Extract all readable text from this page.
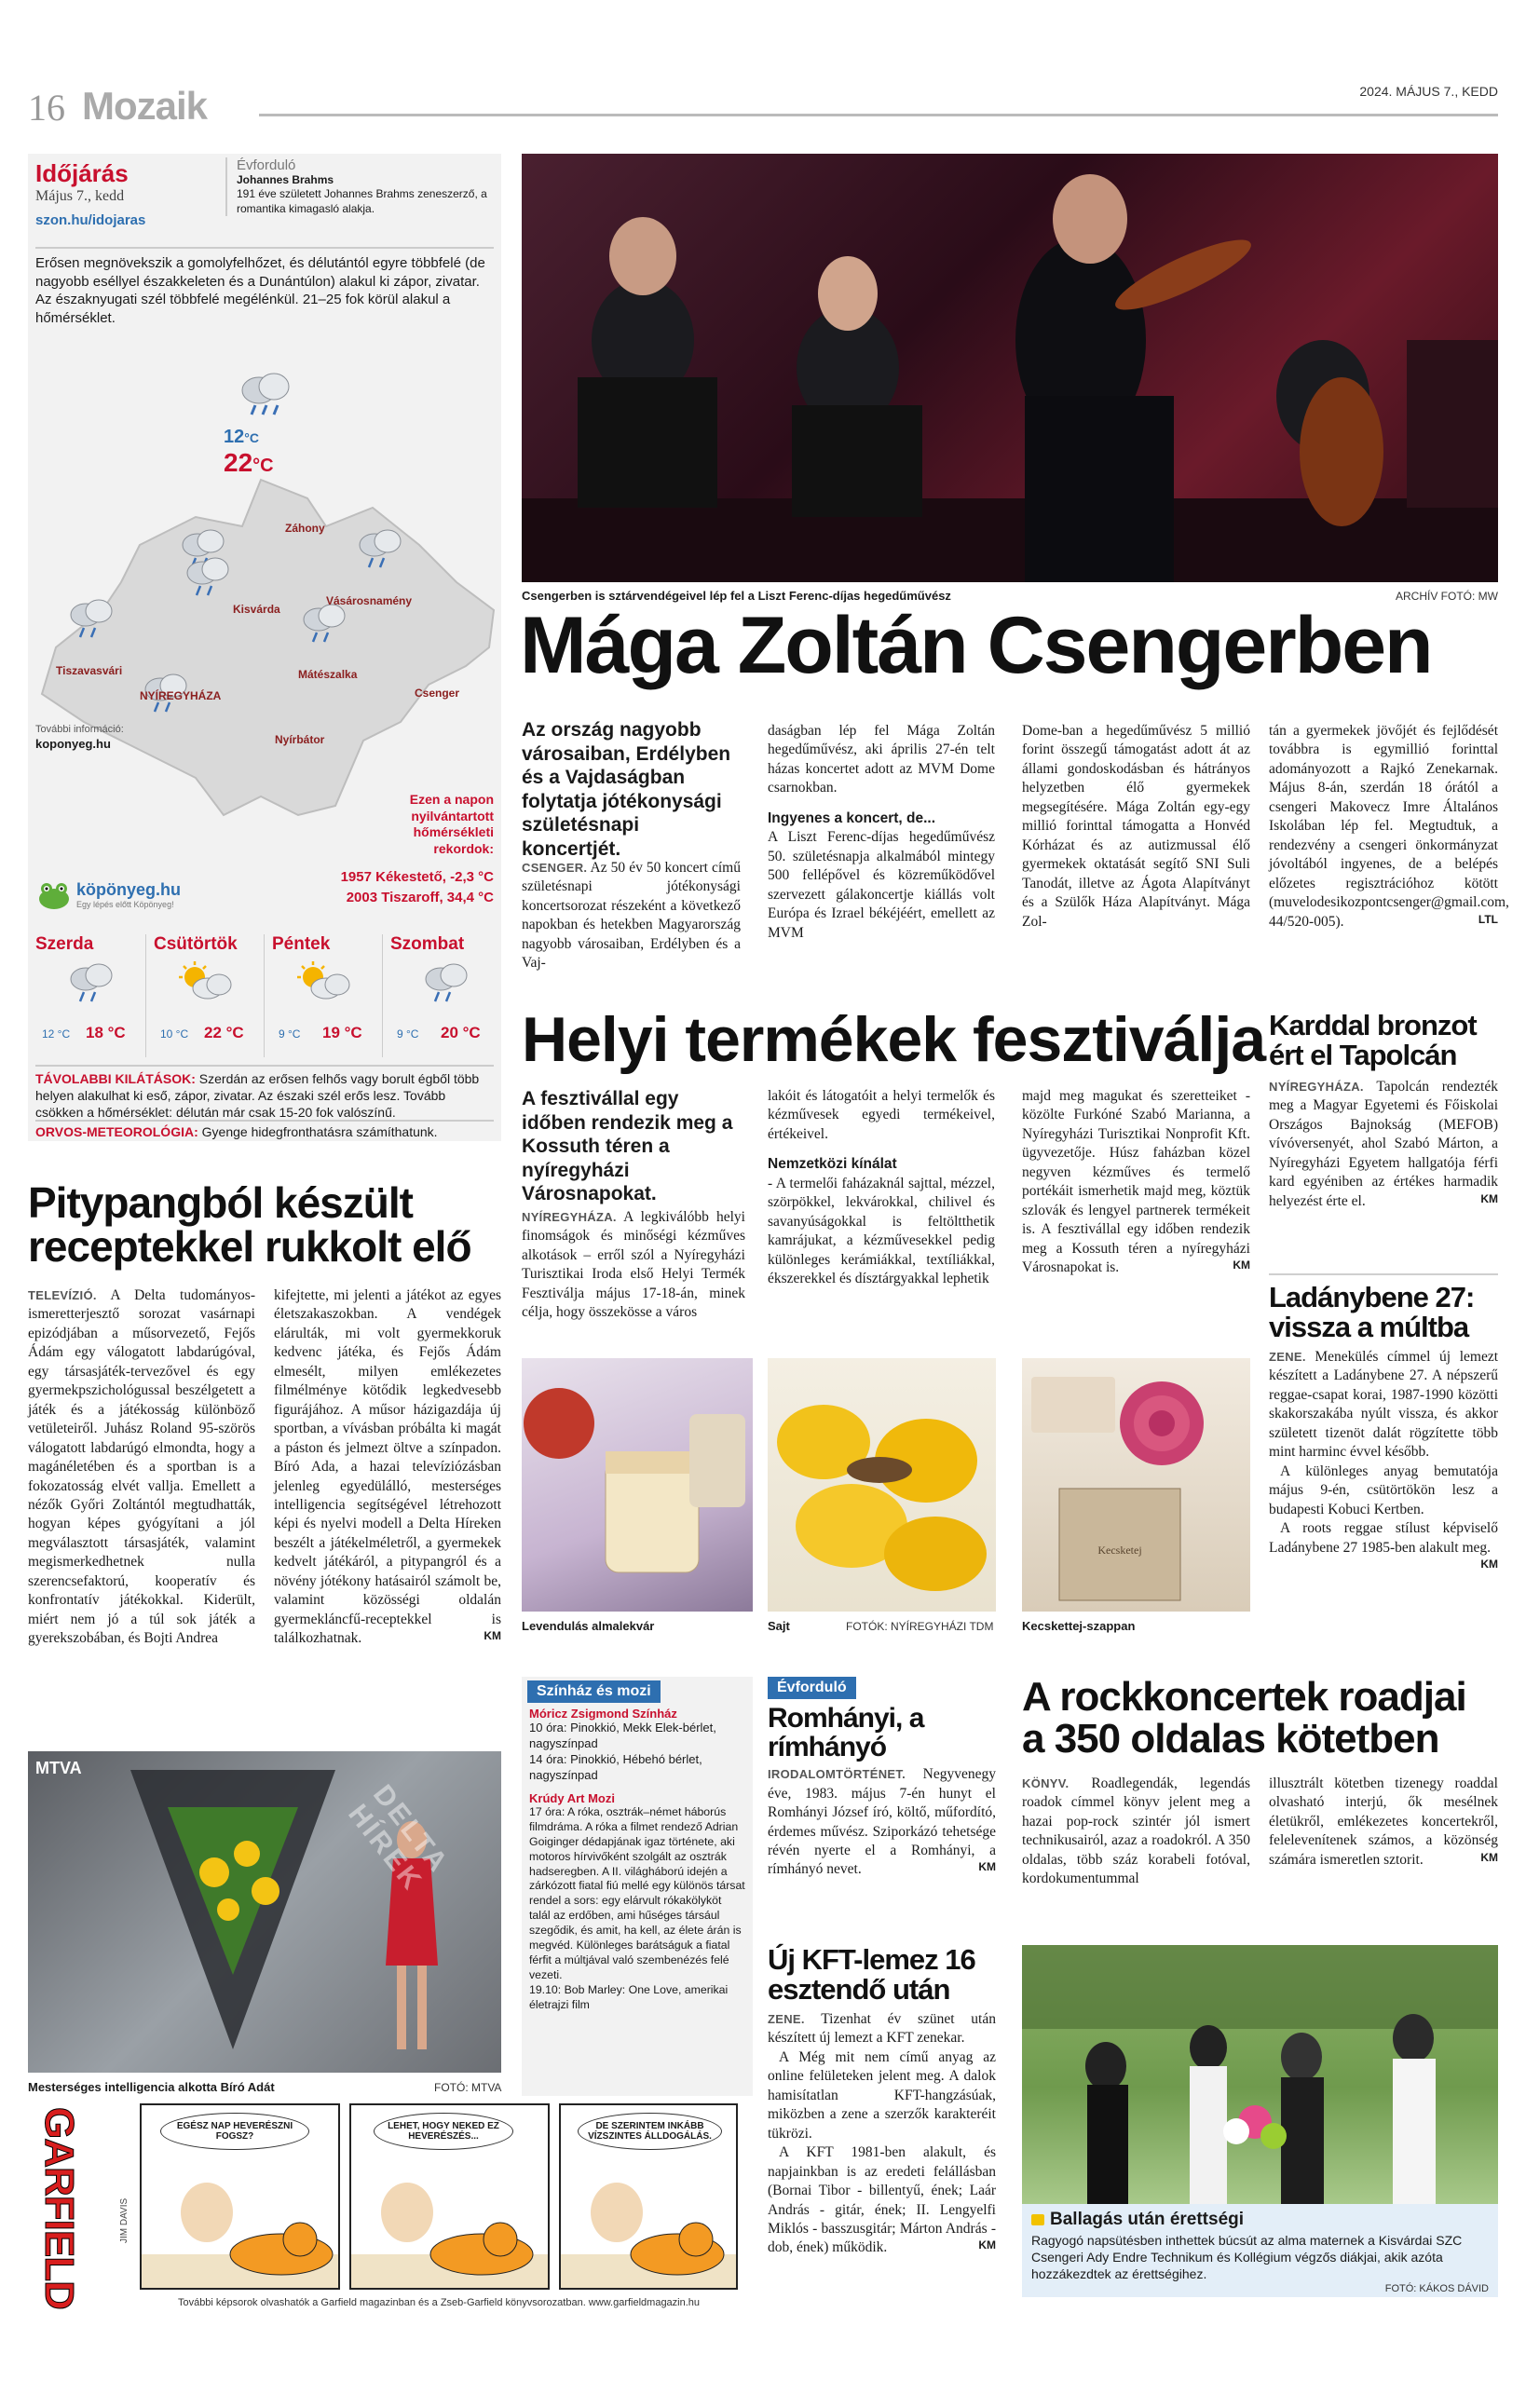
16 Mozaik	2024. MÁJUS 7., KEDD
Időjárás
Május 7., kedd
szon.hu/idojaras
Évforduló
Johannes Brahms
191 éve született Johannes Brahms zeneszerző, a romantika kimagasló alakja.
Erősen megnövekszik a gomolyfelhőzet, és délutántól egyre többfelé (de nagyobb eséllyel északkeleten és a Dunántúlon) alakul ki zápor, zivatar. Az északnyugati szél többfelé megélénkül. 21–25 fok körül alakul a hőmérséklet.
12°C
22°C
Záhony
Kisvárda
Vásárosnamény
Tiszavasvári	Mátészalka
NYÍREGYHÁZA	Csenger
Nyírbátor
További információ:
koponyeg.hu
Ezen a napon nyilvántartott hőmérsékleti rekordok:
1957 Kékestető, -2,3 °C
2003 Tiszaroff, 34,4 °C
köpönyeg.hu
Egy lépés előtt Köpönyeg!
Szerda
12 °C 18 °C
Csütörtök
10 °C 22 °C
Péntek
9 °C 19 °C
Szombat
9 °C 20 °C
TÁVOLABBI KILÁTÁSOK: Szerdán az erősen felhős vagy borult égből több helyen alakulhat ki eső, zápor, zivatar. Az északi szél erős lesz. Tovább csökken a hőmérséklet: délután már csak 15-20 fok valószínű.
ORVOS-METEOROLÓGIA: Gyenge hidegfronthatásra számíthatunk.
Csengerben is sztárvendégeivel lép fel a Liszt Ferenc-díjas hegedűművész	ARCHÍV FOTÓ: MW
Mága Zoltán Csengerben
Az ország nagyobb városaiban, Erdélyben és a Vajdaságban folytatja jótékonysági születésnapi koncertjét.
CSENGER. Az 50 év 50 koncert című születésnapi jótékonysági koncertsorozat részeként a következő napokban és hetekben Magyarország nagyobb városaiban, Erdélyben és a Vaj-
daságban lép fel Mága Zoltán hegedűművész, aki április 27-én telt házas koncertet adott az MVM Dome csarnokban.
Ingyenes a koncert, de...
A Liszt Ferenc-díjas hegedűművész 50. születésnapja alkalmából mintegy 500 fellépővel és közreműködővel szervezett gálakoncertje kiállás volt Európa és Izrael békéjéért, emellett az MVM
Dome-ban a hegedűművész 5 millió forint összegű támogatást adott át az állami gondoskodásban és hátrányos helyzetben élő gyermekek megsegítésére. Mága Zoltán egy-egy millió forinttal támogatta a Honvéd Kórházat és az autizmussal élő gyermekek oktatását segítő SNI Suli Tanodát, illetve az Ágota Alapítványt és a Szülők Háza Alapítványt. Mága Zol-
tán a gyermekek jövőjét és fejlődését továbbra is egymillió forinttal adományozott a Rajkó Zenekarnak. Május 8-án, szerdán 18 órától a csengeri Makovecz Imre Általános Iskolában lép fel. Megtudtuk, a rendezvény a csengeri önkormányzat jóvoltából ingyenes, de a belépés előzetes regisztrációhoz kötött (muvelodesikozpontcsenger@gmail.com, 44/520-005).	LTL
Helyi termékek fesztiválja
A fesztivállal egy időben rendezik meg a Kossuth téren a nyíregyházi Városnapokat.
NYÍREGYHÁZA. A legkiválóbb helyi finomságok és minőségi kézműves alkotások – erről szól a Nyíregyházi Turisztikai Iroda első Helyi Termék Fesztiválja május 17-18-án, minek célja, hogy összekösse a város
lakóit és látogatóit a helyi termelők és kézművesek egyedi termékeivel, értékeivel.
Nemzetközi kínálat
- A termelői faházaknál sajttal, mézzel, szörpökkel, lekvárokkal, chilivel és savanyúságokkal is feltöltthetik kamrájukat, a kézművesekkel pedig különleges kerámiákkal, textíliákkal, ékszerekkel és dísztárgyakkal lephetik
majd meg magukat és szeretteiket - közölte Furkóné Szabó Marianna, a Nyíregyházi Turisztikai Nonprofit Kft. ügyvezetője. Húsz faházban közel negyven kézműves és termelő portékáit ismerhetik majd meg, köztük szlovák és lengyel partnerek termékeit is. A fesztivállal egy időben rendezik meg a Kossuth téren a nyíregyházi Városnapokat is.	KM
Levendulás almalekvár	Sajt	FOTÓK: NYÍREGYHÁZI TDM
Kecsketej
Kecskettej-szappan
Karddal bronzot ért el Tapolcán
NYÍREGYHÁZA. Tapolcán rendezték meg a Magyar Egyetemi és Főiskolai Országos Bajnokság (MEFOB) vívóversenyét, ahol Szabó Márton, a Nyíregyházi Egyetem hallgatója férfi kard egyéniben az értékes harmadik helyezést érte el.	KM
Ladánybene 27: vissza a múltba
ZENE. Menekülés címmel új lemezt készített a Ladánybene 27. A népszerű reggae-csapat korai, 1987-1990 közötti skakorszakába nyúlt vissza, és akkor született tizenöt dalát rögzítette több mint harminc évvel később.
A különleges anyag bemutatója május 9-én, csütörtökön lesz a budapesti Kobuci Kertben.
A roots reggae stílust képviselő Ladánybene 27 1985-ben alakult meg.
KM
Pitypangból készült receptekkel rukkolt elő
TELEVÍZIÓ. A Delta tudományos-ismeretterjesztő sorozat vasárnapi epizódjában a műsorvezető, Fejős Ádám egy válogatott labdarúgóval, egy társasjáték-tervezővel és egy gyermekpszichológussal beszélgetett a játék és a játékosság különböző vetületeiről. Juhász Roland 95-szörös válogatott labdarúgó elmondta, hogy a magánéletében és a sportban is a fokozatosság elvét vallja. Emellett a nézők Győri Zoltántól megtudhatták, hogyan képes gyógyítani a jól megválasztott társasjáték, valamint megismerkedhetnek nulla szerencsefaktorú, kooperatív és konfrontatív játékokkal. Kiderült, miért nem jó a túl sok játék a gyerekszobában, és Bojti Andrea
kifejtette, mi jelenti a játékot az egyes életszakaszokban. A vendégek elárulták, mi volt gyermekkoruk kedvenc játéka, és Fejős Ádám elmesélt, milyen emlékezetes filmélménye kötődik legkedvesebb figurájához. A műsor házigazdája új sportban, a vívásban próbálta ki magát a páston és jelmezt öltve a színpadon. Bíró Ada, a hazai televíziózásban jelenleg egyedülálló, mesterséges intelligencia segítségével létrehozott képi és nyelvi modell a Delta Híreken beszélt a játékelméletről, a gyermekek kedvelt játékáról, a pitypangról és a növény jótékony hatásairól számolt be, valamint közösségi oldalán gyermekláncfű-receptekkel is találkozhatnak.	KM
MTVA
DELTA HÍREK
Mesterséges intelligencia alkotta Bíró Adát	FOTÓ: MTVA
Színház és mozi
Móricz Zsigmond Színház
10 óra: Pinokkió, Mekk Elek-bérlet, nagyszínpad
14 óra: Pinokkió, Hébehó bérlet, nagyszínpad
Krúdy Art Mozi
17 óra: A róka, osztrák–német háborús filmdráma. A róka a filmet rendező Adrian Goiginger dédapjának igaz története, aki motoros hírvivőként szolgált az osztrák hadseregben. A II. világháború idején a zárkózott fiatal fiú mellé egy különös társat rendel a sors: egy elárvult rókakölyköt talál az erdőben, ami hűséges társául szegődik, és amit, ha kell, az élete árán is megvéd. Különleges barátságuk a fiatal férfit a múltjával való szembenézés felé vezeti.
19.10: Bob Marley: One Love, amerikai életrajzi film
Évforduló
Romhányi, a rímhányó
IRODALOMTÖRTÉNET. Negyvenegy éve, 1983. május 7-én hunyt el Romhányi József író, költő, műfordító, érdemes művész. Sziporkázó tehetsége révén nyerte el a Romhányi, a rímhányó nevet.	KM
A rockkoncertek roadjai a 350 oldalas kötetben
KÖNYV. Roadlegendák, legendás roadok címmel könyv jelent meg a hazai pop-rock szintér jól ismert technikusairól, azaz a roadokról. A 350 oldalas, több száz korabeli fotóval, kordokumentummal
illusztrált kötetben tizenegy roaddal olvasható interjú, ők mesélnek életükről, emlékezetes koncertekről, felelevenítenek számos, a közönség számára ismeretlen sztorit.	KM
Új KFT-lemez 16 esztendő után
ZENE. Tizenhat év szünet után készített új lemezt a KFT zenekar.
A Még mit nem című anyag az online felületeken jelent meg. A dalok hamisítatlan KFT-hangzásúak, miközben a zene a szerzők karakteréit tükrözi.
A KFT 1981-ben alakult, és napjainkban is az eredeti felállásban (Bornai Tibor - billentyű, ének; Laár András - gitár, ének; II. Lengyelfi Miklós - basszusgitár; Márton András - dob, ének) működik.	KM
Ballagás után érettségi
Ragyogó napsütésben inthettek búcsút az alma maternek a Kisvárdai SZC Csengeri Ady Endre Technikum és Kollégium végzős diákjai, akik azóta hozzákezdtek az érettségihez.
FOTÓ: KÁKOS DÁVID
GARFIELD	JIM DAVIS
EGÉSZ NAP HEVERÉSZNI FOGSZ?
LEHET, HOGY NEKED EZ HEVERÉSZÉS...
DE SZERINTEM INKÁBB VÍZSZINTES ÁLLDOGÁLÁS.
További képsorok olvashatók a Garfield magazinban és a Zseb-Garfield könyvsorozatban. www.garfieldmagazin.hu
